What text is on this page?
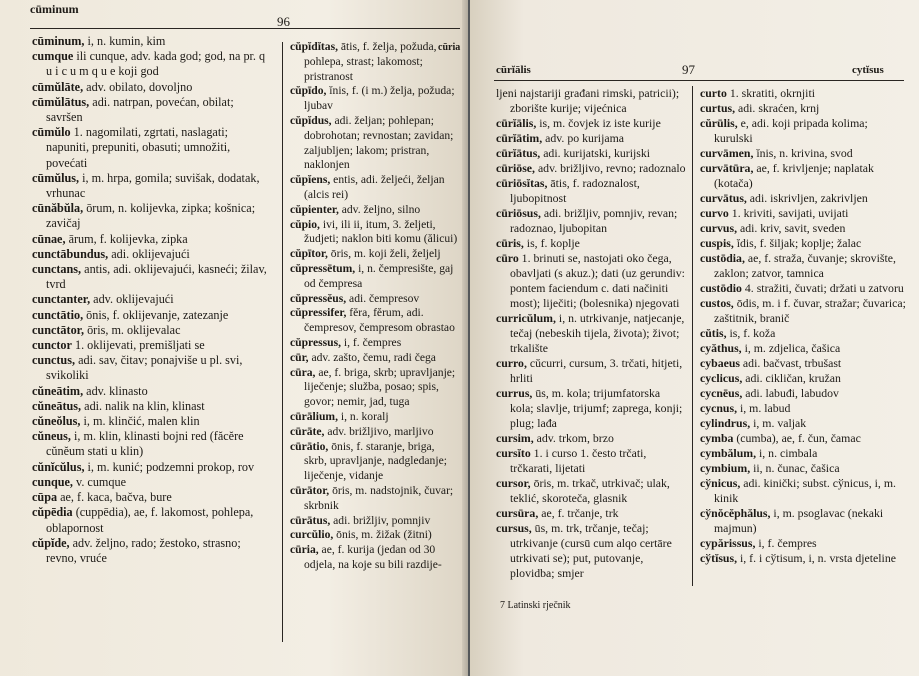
cūminum
96
cūria

cūminum, i, n. kumin, kim

cumque ili cunque, adv. kada god; god, na pr. q u i c u m q u e koji god

cūmŭlāte, adv. obilato, dovoljno

cūmŭlātus, adi. natrpan, povećan, obilat; savršen

cūmŭlo 1. nagomilati, zgrtati, naslagati; napuniti, prepuniti, obasuti; umnožiti, povećati

cūmŭlus, i, m. hrpa, gomila; suvišak, dodatak, vrhunac

cūnăbŭla, ōrum, n. kolijevka, zipka; košnica; zavičaj

cūnae, ārum, f. kolijevka, zipka

cunctābundus, adi. oklijevajući

cunctans, antis, adi. oklijevajući, kasneći; žilav, tvrd

cunctanter, adv. oklijevajući

cunctātio, ōnis, f. oklijevanje, zatezanje

cunctātor, ōris, m. oklijevalac

cunctor 1. oklijevati, premišljati se

cunctus, adi. sav, čitav; ponajviše u pl. svi, svikoliki

cŭneātim, adv. klinasto

cŭneātus, adi. nalik na klin, klinast

cŭneŏlus, i, m. klinčić, malen klin

cŭneus, i, m. klin, klinasti bojni red (făcĕre cŭnĕum stati u klin)

cŭnĭcŭlus, i, m. kunić; podzemni prokop, rov

cunque, v. cumque

cūpa ae, f. kaca, bačva, bure

cŭpēdia (cuppēdia), ae, f. lakomost, pohlepa, oblapornost

cŭpĭde, adv. željno, rado; žestoko, strasno; revno, vruće

cŭpĭdĭtas, ātis, f. želja, požuda, pohlepa, strast; lakomost; pristranost

cŭpīdo, ĭnis, f. (i m.) želja, požuda; ljubav

cŭpĭdus, adi. željan; pohlepan; dobrohotan; revnostan; zavidan; zaljubljen; lakom; pristran, naklonjen

cŭpĭens, entis, adi. željeći, željan (alcis rei)

cŭpienter, adv. željno, silno

cŭpio, ivi, ili ii, itum, 3. željeti, žudjeti; naklon biti komu (ălicui)

cŭpītor, ōris, m. koji želi, željelj

cŭpressētum, i, n. čempresište, gaj od čempresa

cŭpressĕus, adi. čempresov

cŭpressifer, fĕra, fĕrum, adi. čempresov, čempresom obrastao

cŭpressus, i, f. čempres

cūr, adv. zašto, čemu, radi čega

cūra, ae, f. briga, skrb; upravljanje; liječenje; služba, posao; spis, govor; nemir, jad, tuga

cūrālium, i, n. koralj

cūrāte, adv. brižljivo, marljivo

cūrātio, ōnis, f. staranje, briga, skrb, upravljanje, nadgledanje; liječenje, vidanje

cūrātor, ōris, m. nadstojnik, čuvar; skrbnik

cūrātus, adi. brižljiv, pomnjiv

curcŭlio, ōnis, m. žižak (žitni)

cūria, ae, f. kurija (jedan od 30 odjela, na koje su bili razdije-

cūrĭālis	97	cytĭsus

ljeni najstariji građani rimski, patricii); zborište kurije; vijećnica

cūrĭālis, is, m. čovjek iz iste kurije

cūrĭātim, adv. po kurijama

cūrĭātus, adi. kurijatski, kurijski

cūriōse, adv. brižljivo, revno; radoznalo

cūriōsĭtas, ātis, f. radoznalost, ljubopitnost

cūriōsus, adi. brižljiv, pomnjiv, revan; radoznao, ljubopitan

cūris, is, f. koplje

cūro 1. brinuti se, nastojati oko čega, obavljati (s akuz.); dati (uz gerundiv: pontem faciendum c. dati načiniti most); liječiti; (bolesnika) njegovati

curricŭlum, i, n. utrkivanje, natjecanje, tečaj (nebeskih tijela, života); život; trkalište

curro, cŭcurri, cursum, 3. trčati, hitjeti, hrliti

currus, ūs, m. kola; trijumfatorska kola; slavlje, trijumf; zaprega, konji; plug; lađa

cursim, adv. trkom, brzo

cursĭto 1. i curso 1. često trčati, trčkarati, lijetati

cursor, ōris, m. trkač, utrkivač; ulak, teklić, skoroteča, glasnik

cursūra, ae, f. trčanje, trk

cursus, ūs, m. trk, trčanje, tečaj; utrkivanje (cursū cum alqo certāre utrkivati se); put, putovanje, plovidba; smjer

curto 1. skratiti, okrnjiti

curtus, adi. skraćen, krnj

cŭrūlis, e, adi. koji pripada kolima; kurulski

curvāmen, ĭnis, n. krivina, svod

curvātūra, ae, f. krivljenje; naplatak (kotača)

curvātus, adi. iskrivljen, zakrivljen

curvo 1. kriviti, savijati, uvijati

curvus, adi. kriv, savit, sveden

cuspis, ĭdis, f. šiljak; koplje; žalac

custōdia, ae, f. straža, čuvanje; skrovište, zaklon; zatvor, tamnica

custōdio 4. stražiti, čuvati; držati u zatvoru

custos, ōdis, m. i f. čuvar, stražar; čuvarica; zaštitnik, branič

cŭtis, is, f. koža

cyăthus, i, m. zdjelica, čašica

cybaeus adi. bačvast, trbušast

cyclicus, adi. cikličan, kružan

cycnēus, adi. labuđi, labudov

cycnus, i, m. labud

cylindrus, i, m. valjak

cymba (cumba), ae, f. čun, čamac

cymbălum, i, n. cimbala

cymbium, ii, n. čunac, čašica

cўnicus, adi. kinički; subst. cўnicus, i, m. kinik

cўnŏcĕphălus, i, m. psoglavac (nekaki majmun)

cypărissus, i, f. čempres

cўtĭsus, i, f. i cўtisum, i, n. vrsta djeteline

7 Latinski rječnik
